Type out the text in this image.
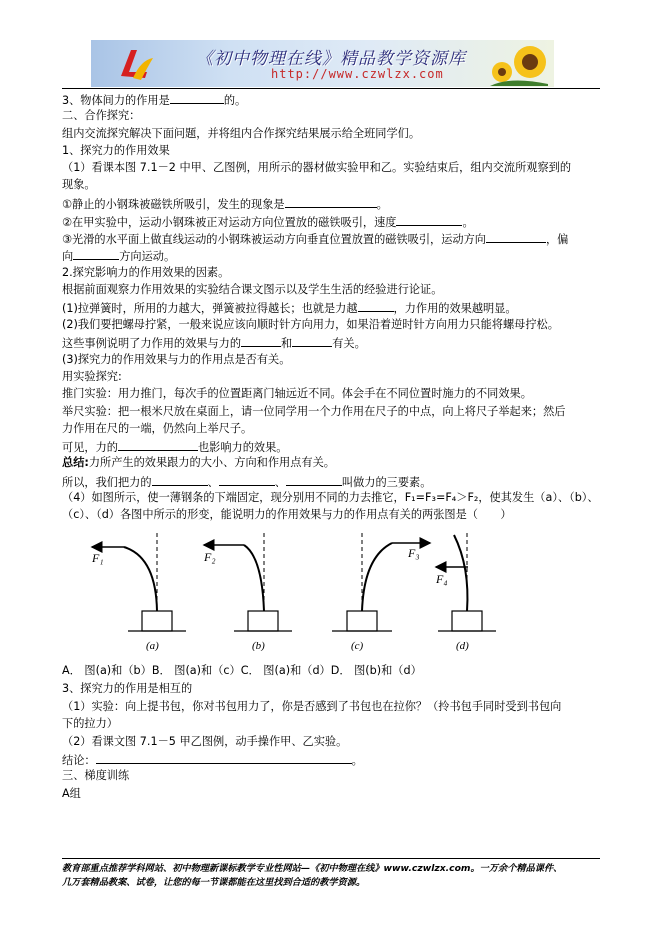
《初中物理在线》精品教学资源库
http://www.czwlzx.com
3、物体间力的作用是	的。
二、合作探究：
组内交流探究解决下面问题，并将组内合作探究结果展示给全班同学们。
1、探究力的作用效果
（1）看课本图 7.1－2 中甲、乙图例，用所示的器材做实验甲和乙。实验结束后，组内交流所观察到的
现象。
①静止的小钢珠被磁铁所吸引，发生的现象是	。
②在甲实验中，运动小钢珠被正对运动方向位置放的磁铁吸引，速度	。
③光滑的水平面上做直线运动的小钢珠被运动方向垂直位置放置的磁铁吸引，运动方向	，偏
向	方向运动。
2.探究影响力的作用效果的因素。
根据前面观察力作用效果的实验结合课文图示以及学生生活的经验进行论证。
(1)拉弹簧时，所用的力越大，弹簧被拉得越长；也就是力越	，力作用的效果越明显。
(2)我们要把螺母拧紧，一般来说应该向顺时针方向用力，如果沿着逆时针方向用力只能将螺母拧松。
这些事例说明了力作用的效果与力的	和	有关。
(3)探究力的作用效果与力的作用点是否有关。
用实验探究:
推门实验：用力推门，每次手的位置距离门轴远近不同。体会手在不同位置时施力的不同效果。
举尺实验：把一根米尺放在桌面上，请一位同学用一个力作用在尺子的中点，向上将尺子举起来；然后
力作用在尺的一端，仍然向上举尺子。
可见，力的	也影响力的效果。
总结:力所产生的效果跟力的大小、方向和作用点有关。
所以，我们把力的	、	、	叫做力的三要素。
（4）如图所示，使一薄钢条的下端固定，现分别用不同的力去推它，F₁=F₃=F₄＞F₂，使其发生（a）、（b）、
（c）、（d）各图中所示的形变，能说明力的作用效果与力的作用点有关的两张图是（　　）
A． 图(a)和（b）B． 图(a)和（c）C． 图(a)和（d）D． 图(b)和（d）
3、探究力的作用是相互的
（1）实验：向上提书包，你对书包用力了，你是否感到了书包也在拉你？（拎书包手同时受到书包向
下的拉力）
（2）看课文图 7.1－5 甲乙图例，动手操作甲、乙实验。
结论：	。
三、梯度训练
A组
F₁
(a)
F₂
(b)
F₃
(c)
F₄
(d)
教育部重点推荐学科网站、初中物理新课标教学专业性网站—《初中物理在线》www.czwlzx.com。一万余个精品课件、
几万套精品教案、试卷，让您的每一节课都能在这里找到合适的教学资源。
